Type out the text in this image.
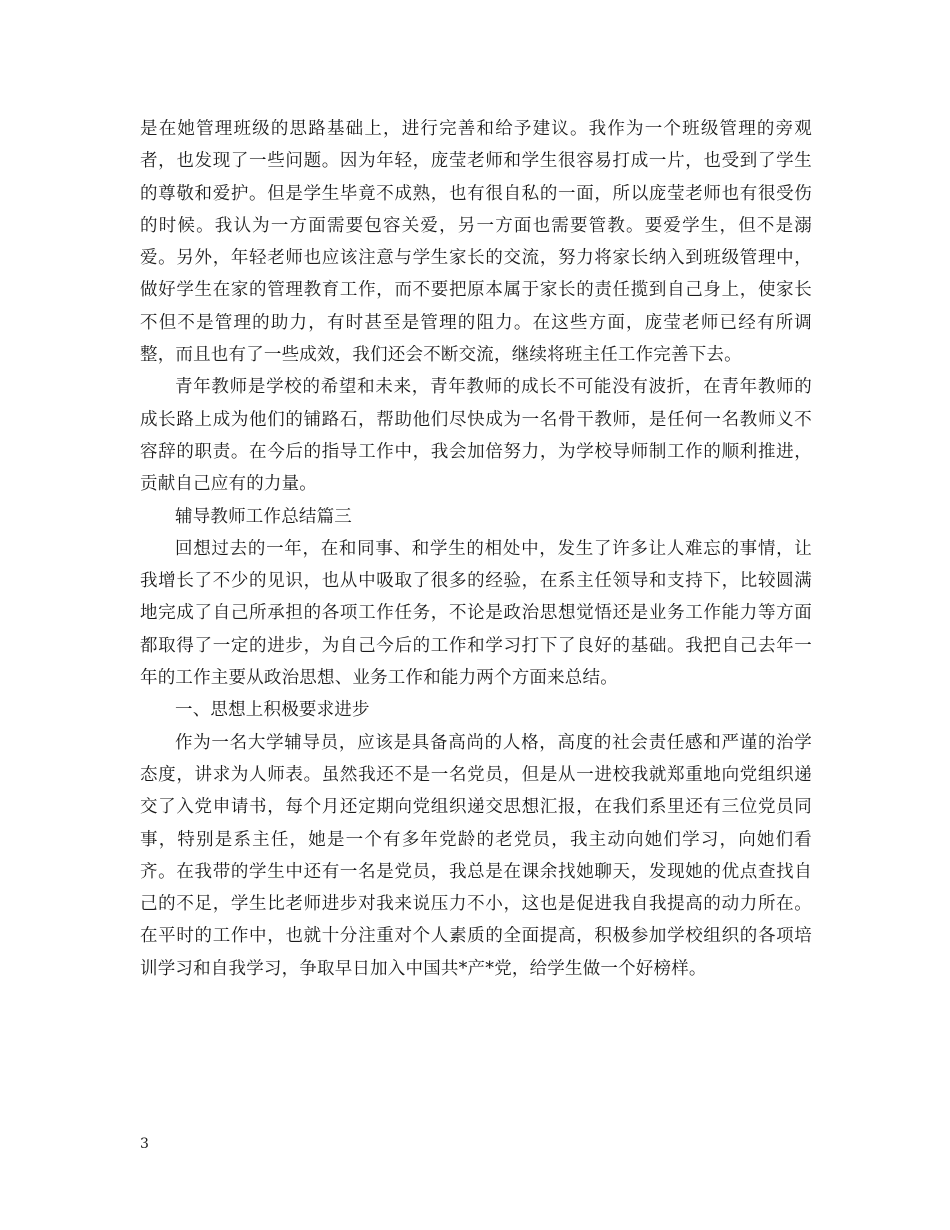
是在她管理班级的思路基础上，进行完善和给予建议。我作为一个班级管理的旁观者，也发现了一些问题。因为年轻，庞莹老师和学生很容易打成一片，也受到了学生的尊敬和爱护。但是学生毕竟不成熟，也有很自私的一面，所以庞莹老师也有很受伤的时候。我认为一方面需要包容关爱，另一方面也需要管教。要爱学生，但不是溺爱。另外，年轻老师也应该注意与学生家长的交流，努力将家长纳入到班级管理中，做好学生在家的管理教育工作，而不要把原本属于家长的责任揽到自己身上，使家长不但不是管理的助力，有时甚至是管理的阻力。在这些方面，庞莹老师已经有所调整，而且也有了一些成效，我们还会不断交流，继续将班主任工作完善下去。

青年教师是学校的希望和未来，青年教师的成长不可能没有波折，在青年教师的成长路上成为他们的铺路石，帮助他们尽快成为一名骨干教师，是任何一名教师义不容辞的职责。在今后的指导工作中，我会加倍努力，为学校导师制工作的顺利推进，贡献自己应有的力量。

辅导教师工作总结篇三

回想过去的一年，在和同事、和学生的相处中，发生了许多让人难忘的事情，让我增长了不少的见识，也从中吸取了很多的经验，在系主任领导和支持下，比较圆满地完成了自己所承担的各项工作任务，不论是政治思想觉悟还是业务工作能力等方面都取得了一定的进步，为自己今后的工作和学习打下了良好的基础。我把自己去年一年的工作主要从政治思想、业务工作和能力两个方面来总结。

一、思想上积极要求进步

作为一名大学辅导员，应该是具备高尚的人格，高度的社会责任感和严谨的治学态度，讲求为人师表。虽然我还不是一名党员，但是从一进校我就郑重地向党组织递交了入党申请书，每个月还定期向党组织递交思想汇报，在我们系里还有三位党员同事，特别是系主任，她是一个有多年党龄的老党员，我主动向她们学习，向她们看齐。在我带的学生中还有一名是党员，我总是在课余找她聊天，发现她的优点查找自己的不足，学生比老师进步对我来说压力不小，这也是促进我自我提高的动力所在。在平时的工作中，也就十分注重对个人素质的全面提高，积极参加学校组织的各项培训学习和自我学习，争取早日加入中国共*产*党，给学生做一个好榜样。

3
